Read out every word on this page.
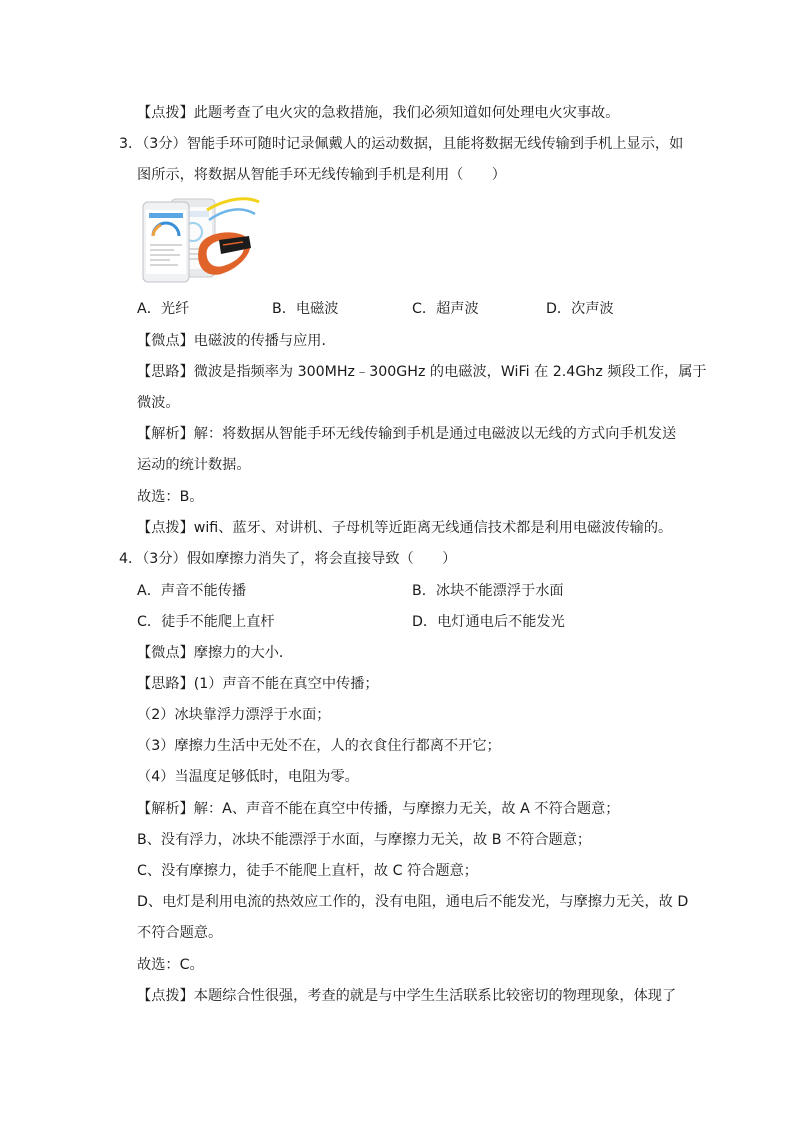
【点拨】此题考查了电火灾的急救措施，我们必须知道如何处理电火灾事故。
3．（3分）智能手环可随时记录佩戴人的运动数据，且能将数据无线传输到手机上显示，如
图所示，将数据从智能手环无线传输到手机是利用（　　）
A．光纤	B．电磁波	C．超声波	D．次声波
【微点】电磁波的传播与应用．
【思路】微波是指频率为 300MHz﹣300GHz 的电磁波，WiFi 在 2.4Ghz 频段工作，属于
微波。
【解析】解：将数据从智能手环无线传输到手机是通过电磁波以无线的方式向手机发送
运动的统计数据。
故选：B。
【点拨】wifi、蓝牙、对讲机、子母机等近距离无线通信技术都是利用电磁波传输的。
4．（3分）假如摩擦力消失了，将会直接导致（　　）
A．声音不能传播	B．冰块不能漂浮于水面
C．徒手不能爬上直杆	D．电灯通电后不能发光
【微点】摩擦力的大小．
【思路】(1）声音不能在真空中传播；
（2）冰块靠浮力漂浮于水面；
（3）摩擦力生活中无处不在，人的衣食住行都离不开它；
（4）当温度足够低时，电阻为零。
【解析】解：A、声音不能在真空中传播，与摩擦力无关，故 A 不符合题意；
B、没有浮力，冰块不能漂浮于水面，与摩擦力无关，故 B 不符合题意；
C、没有摩擦力，徒手不能爬上直杆，故 C 符合题意；
D、电灯是利用电流的热效应工作的，没有电阻，通电后不能发光，与摩擦力无关，故 D
不符合题意。
故选：C。
【点拨】本题综合性很强，考查的就是与中学生生活联系比较密切的物理现象，体现了
